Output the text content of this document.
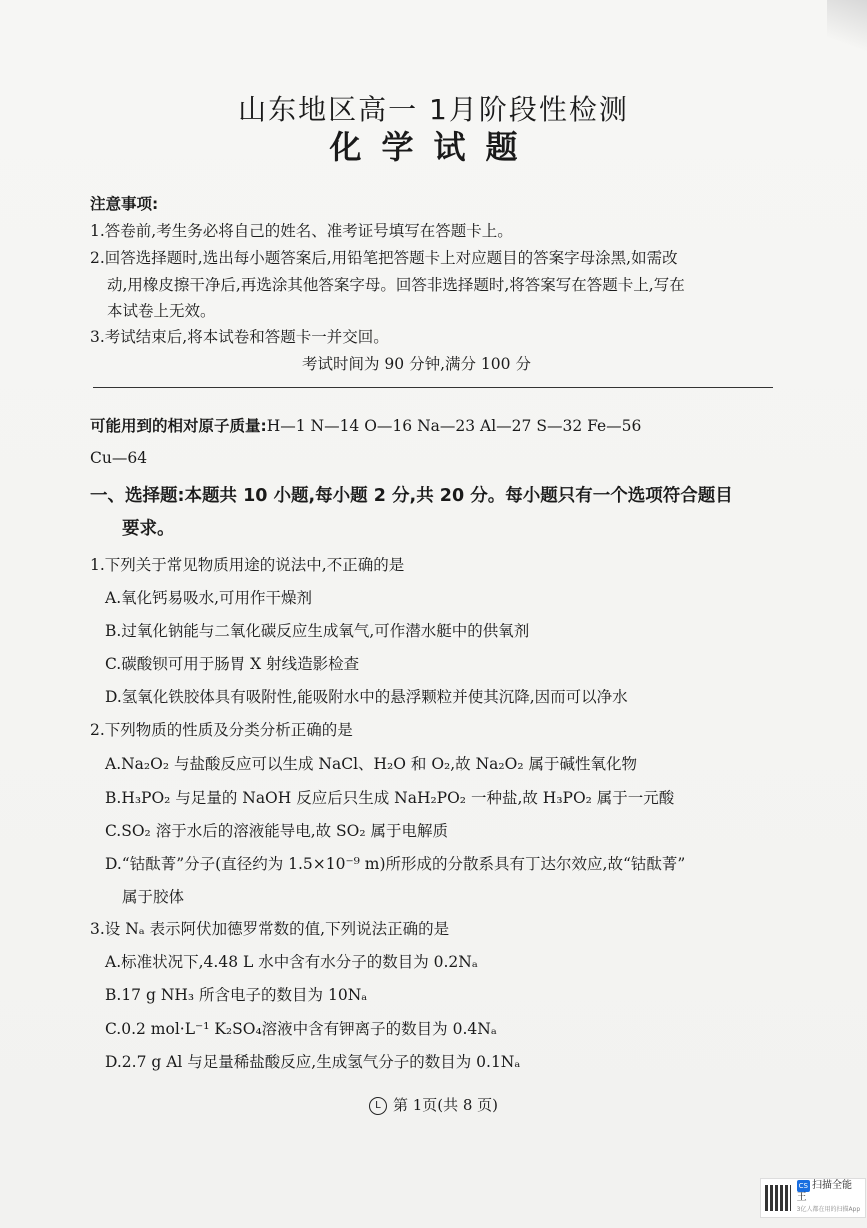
山东地区高一 1月阶段性检测
化学试题
注意事项:
1.答卷前,考生务必将自己的姓名、准考证号填写在答题卡上。
2.回答选择题时,选出每小题答案后,用铅笔把答题卡上对应题目的答案字母涂黑,如需改
动,用橡皮擦干净后,再选涂其他答案字母。回答非选择题时,将答案写在答题卡上,写在
本试卷上无效。
3.考试结束后,将本试卷和答题卡一并交回。
考试时间为 90 分钟,满分 100 分
可能用到的相对原子质量:H—1 N—14 O—16 Na—23 Al—27 S—32 Fe—56
Cu—64
一、选择题:本题共 10 小题,每小题 2 分,共 20 分。每小题只有一个选项符合题目
要求。
1.下列关于常见物质用途的说法中,不正确的是
A.氧化钙易吸水,可用作干燥剂
B.过氧化钠能与二氧化碳反应生成氧气,可作潜水艇中的供氧剂
C.碳酸钡可用于肠胃 X 射线造影检查
D.氢氧化铁胶体具有吸附性,能吸附水中的悬浮颗粒并使其沉降,因而可以净水
2.下列物质的性质及分类分析正确的是
A.Na₂O₂ 与盐酸反应可以生成 NaCl、H₂O 和 O₂,故 Na₂O₂ 属于碱性氧化物
B.H₃PO₂ 与足量的 NaOH 反应后只生成 NaH₂PO₂ 一种盐,故 H₃PO₂ 属于一元酸
C.SO₂ 溶于水后的溶液能导电,故 SO₂ 属于电解质
D.“钴酞菁”分子(直径约为 1.5×10⁻⁹ m)所形成的分散系具有丁达尔效应,故“钴酞菁”
属于胶体
3.设 Nₐ 表示阿伏加德罗常数的值,下列说法正确的是
A.标准状况下,4.48 L 水中含有水分子的数目为 0.2Nₐ
B.17 g NH₃ 所含电子的数目为 10Nₐ
C.0.2 mol·L⁻¹ K₂SO₄溶液中含有钾离子的数目为 0.4Nₐ
D.2.7 g Al 与足量稀盐酸反应,生成氢气分子的数目为 0.1Nₐ
L 第 1页(共 8 页)
CS 扫描全能王
3亿人都在用的扫描App
